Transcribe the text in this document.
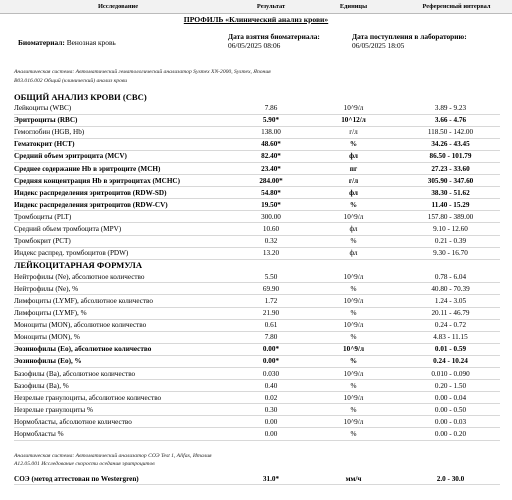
Исследование	Результат	Единицы	Референсный интервал
ПРОФИЛЬ «Клинический анализ крови»
Биоматериал: Венозная кровь
Дата взятия биоматериала:
06/05/2025 08:06
Дата поступления в лабораторию:
06/05/2025 18:05
Аналитическая система: Автоматический гематологический анализатор Sysmex XN-2000, Sysmex, Япония
B03.016.002 Общий (клинический) анализ крови
ОБЩИЙ АНАЛИЗ КРОВИ (CBC)
Лейкоциты (WBC)	7.86	10^9/л	3.89 - 9.23
Эритроциты (RBC)	5.90*	10^12/л	3.66 - 4.76
Гемоглобин (HGB, Hb)	138.00	г/л	118.50 - 142.00
Гематокрит (HCT)	48.60*	%	34.26 - 43.45
Средний объем эритроцита (MCV)	82.40*	фл	86.50 - 101.79
Среднее содержание Hb в эритроците (MCH)	23.40*	пг	27.23 - 33.60
Средняя концентрация Hb в эритроцитах (MCHC)	284.00*	г/л	305.90 - 347.60
Индекс распределения эритроцитов (RDW-SD)	54.80*	фл	38.30 - 51.62
Индекс распределения эритроцитов (RDW-CV)	19.50*	%	11.40 - 15.29
Тромбоциты (PLT)	300.00	10^9/л	157.80 - 389.00
Средний объем тромбоцита (MPV)	10.60	фл	9.10 - 12.60
Тромбокрит (PCT)	0.32	%	0.21 - 0.39
Индекс распред. тромбоцитов (PDW)	13.20	фл	9.30 - 16.70
ЛЕЙКОЦИТАРНАЯ ФОРМУЛА
Нейтрофилы (Ne), абсолютное количество	5.50	10^9/л	0.78 - 6.04
Нейтрофилы (Ne), %	69.90	%	40.80 - 70.39
Лимфоциты (LYMF), абсолютное количество	1.72	10^9/л	1.24 - 3.05
Лимфоциты (LYMF), %	21.90	%	20.11 - 46.79
Моноциты (MON), абсолютное количество	0.61	10^9/л	0.24 - 0.72
Моноциты (MON), %	7.80	%	4.83 - 11.15
Эозинофилы (Eo), абсолютное количество	0.00*	10^9/л	0.01 - 0.59
Эозинофилы (Eo), %	0.00*	%	0.24 - 10.24
Базофилы (Ba), абсолютное количество	0.030	10^9/л	0.010 - 0.090
Базофилы (Ba), %	0.40	%	0.20 - 1.50
Незрелые гранулоциты, абсолютное количество	0.02	10^9/л	0.00 - 0.04
Незрелые гранулоциты %	0.30	%	0.00 - 0.50
Нормобласты, абсолютное количество	0.00	10^9/л	0.00 - 0.03
Нормобласты %	0.00	%	0.00 - 0.20
Аналитическая система: Автоматический анализатор СОЭ Test 1, Alifax, Италия
A12.05.001 Исследование скорости оседания эритроцитов
СОЭ (метод аттестован по Westergren)	31.0*	мм/ч	2.0 - 30.0
